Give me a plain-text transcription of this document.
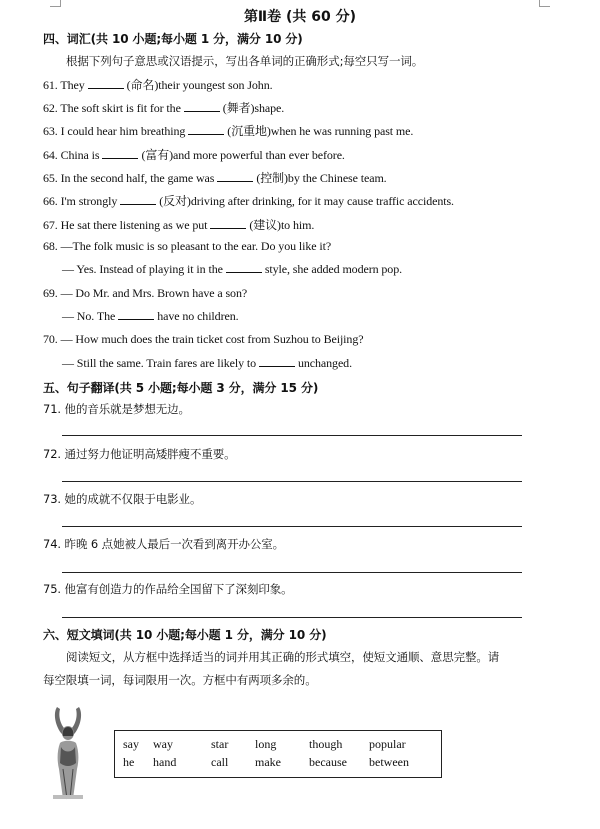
第Ⅱ卷 (共 60 分)
四、词汇(共 10 小题;每小题 1 分，满分 10 分)
根据下列句子意思或汉语提示，写出各单词的正确形式;每空只写一词。
61. They	(命名)their youngest son John.
62. The soft skirt is fit for the	(舞者)shape.
63. I could hear him breathing	(沉重地)when he was running past me.
64. China is	(富有)and more powerful than ever before.
65. In the second half, the game was	(控制)by the Chinese team.
66. I'm strongly	(反对)driving after drinking, for it may cause traffic accidents.
67. He sat there listening as we put	(建议)to him.
68. —The folk music is so pleasant to the ear. Do you like it?
— Yes. Instead of playing it in the	style, she added modern pop.
69. — Do Mr. and Mrs. Brown have a son?
— No. The	have no children.
70. — How much does the train ticket cost from Suzhou to Beijing?
— Still the same. Train fares are likely to	unchanged.
五、句子翻译(共 5 小题;每小题 3 分，满分 15 分)
71. 他的音乐就是梦想无边。
72. 通过努力他证明高矮胖瘦不重要。
73. 她的成就不仅限于电影业。
74. 昨晚 6 点她被人最后一次看到离开办公室。
75. 他富有创造力的作品给全国留下了深刻印象。
六、短文填词(共 10 小题;每小题 1 分，满分 10 分)
阅读短文，从方框中选择适当的词并用其正确的形式填空，使短文通顺、意思完整。请
每空限填一词，每词限用一次。方框中有两项多余的。
say way	star long	though popular
he hand	call make because between
